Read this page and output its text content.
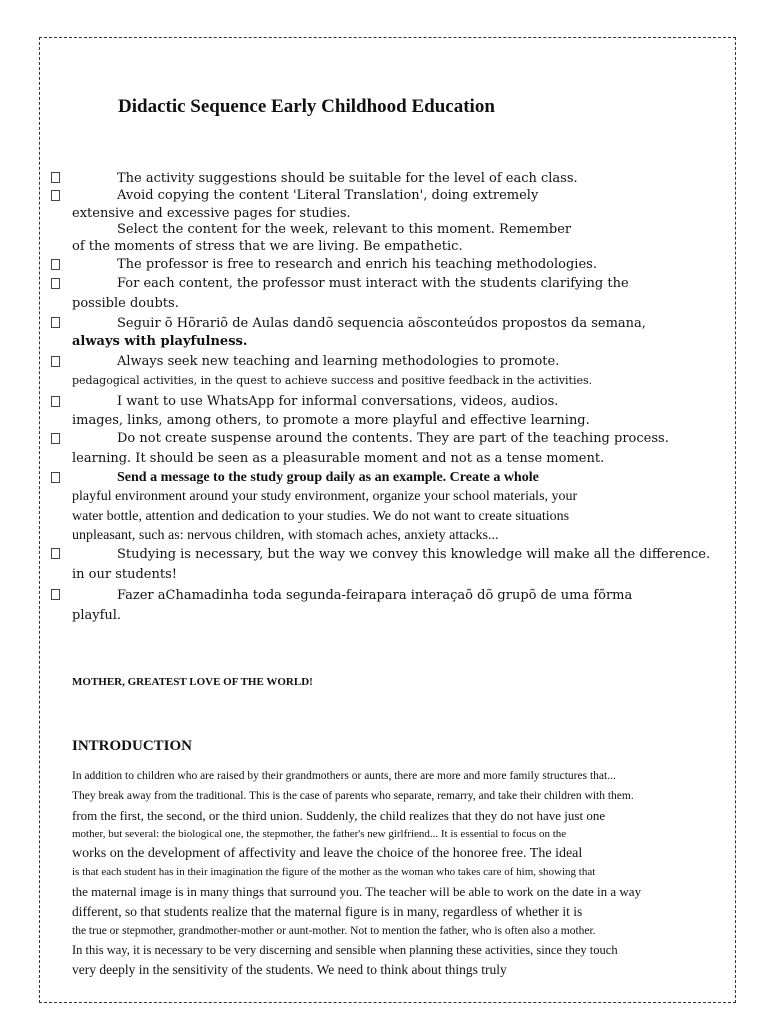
Didactic Sequence Early Childhood Education
The activity suggestions should be suitable for the level of each class.
Avoid copying the content 'Literal Translation', doing extremely
extensive and excessive pages for studies.
Select the content for the week, relevant to this moment. Remember
of the moments of stress that we are living. Be empathetic.
The professor is free to research and enrich his teaching methodologies.
For each content, the professor must interact with the students clarifying the
possible doubts.
Seguir õ Hõrariõ de Aulas dandõ sequencia aõsconteúdos propostos da semana,
always with playfulness.
Always seek new teaching and learning methodologies to promote.
pedagogical activities, in the quest to achieve success and positive feedback in the activities.
I want to use WhatsApp for informal conversations, videos, audios.
images, links, among others, to promote a more playful and effective learning.
Do not create suspense around the contents. They are part of the teaching process.
learning. It should be seen as a pleasurable moment and not as a tense moment.
Send a message to the study group daily as an example. Create a whole
playful environment around your study environment, organize your school materials, your
water bottle, attention and dedication to your studies. We do not want to create situations
unpleasant, such as: nervous children, with stomach aches, anxiety attacks...
Studying is necessary, but the way we convey this knowledge will make all the difference.
in our students!
Fazer aChamadinha toda segunda-feirapara interaçaõ dõ grupõ de uma fõrma
playful.
MOTHER, GREATEST LOVE OF THE WORLD!
INTRODUCTION
In addition to children who are raised by their grandmothers or aunts, there are more and more family structures that...
They break away from the traditional. This is the case of parents who separate, remarry, and take their children with them.
from the first, the second, or the third union. Suddenly, the child realizes that they do not have just one
mother, but several: the biological one, the stepmother, the father's new girlfriend... It is essential to focus on the
works on the development of affectivity and leave the choice of the honoree free. The ideal
is that each student has in their imagination the figure of the mother as the woman who takes care of him, showing that
the maternal image is in many things that surround you. The teacher will be able to work on the date in a way
different, so that students realize that the maternal figure is in many, regardless of whether it is
the true or stepmother, grandmother-mother or aunt-mother. Not to mention the father, who is often also a mother.
In this way, it is necessary to be very discerning and sensible when planning these activities, since they touch
very deeply in the sensitivity of the students. We need to think about things truly
